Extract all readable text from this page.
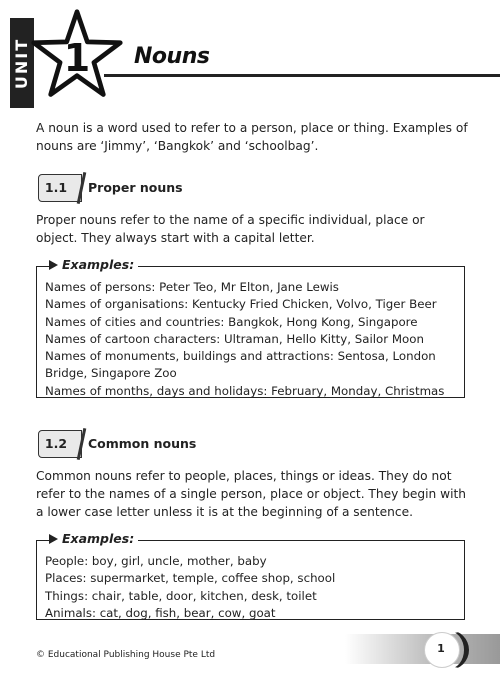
UNIT 1 Nouns
A noun is a word used to refer to a person, place or thing. Examples of nouns are ‘Jimmy’, ‘Bangkok’ and ‘schoolbag’.
1.1	Proper nouns
Proper nouns refer to the name of a specific individual, place or object. They always start with a capital letter.
Examples:
Names of persons: Peter Teo, Mr Elton, Jane Lewis
Names of organisations: Kentucky Fried Chicken, Volvo, Tiger Beer
Names of cities and countries: Bangkok, Hong Kong, Singapore
Names of cartoon characters: Ultraman, Hello Kitty, Sailor Moon
Names of monuments, buildings and attractions: Sentosa, London
Bridge, Singapore Zoo
Names of months, days and holidays: February, Monday, Christmas
1.2	Common nouns
Common nouns refer to people, places, things or ideas. They do not refer to the names of a single person, place or object. They begin with a lower case letter unless it is at the beginning of a sentence.
Examples:
People: boy, girl, uncle, mother, baby
Places: supermarket, temple, coffee shop, school
Things: chair, table, door, kitchen, desk, toilet
Animals: cat, dog, fish, bear, cow, goat
1
© Educational Publishing House Pte Ltd
